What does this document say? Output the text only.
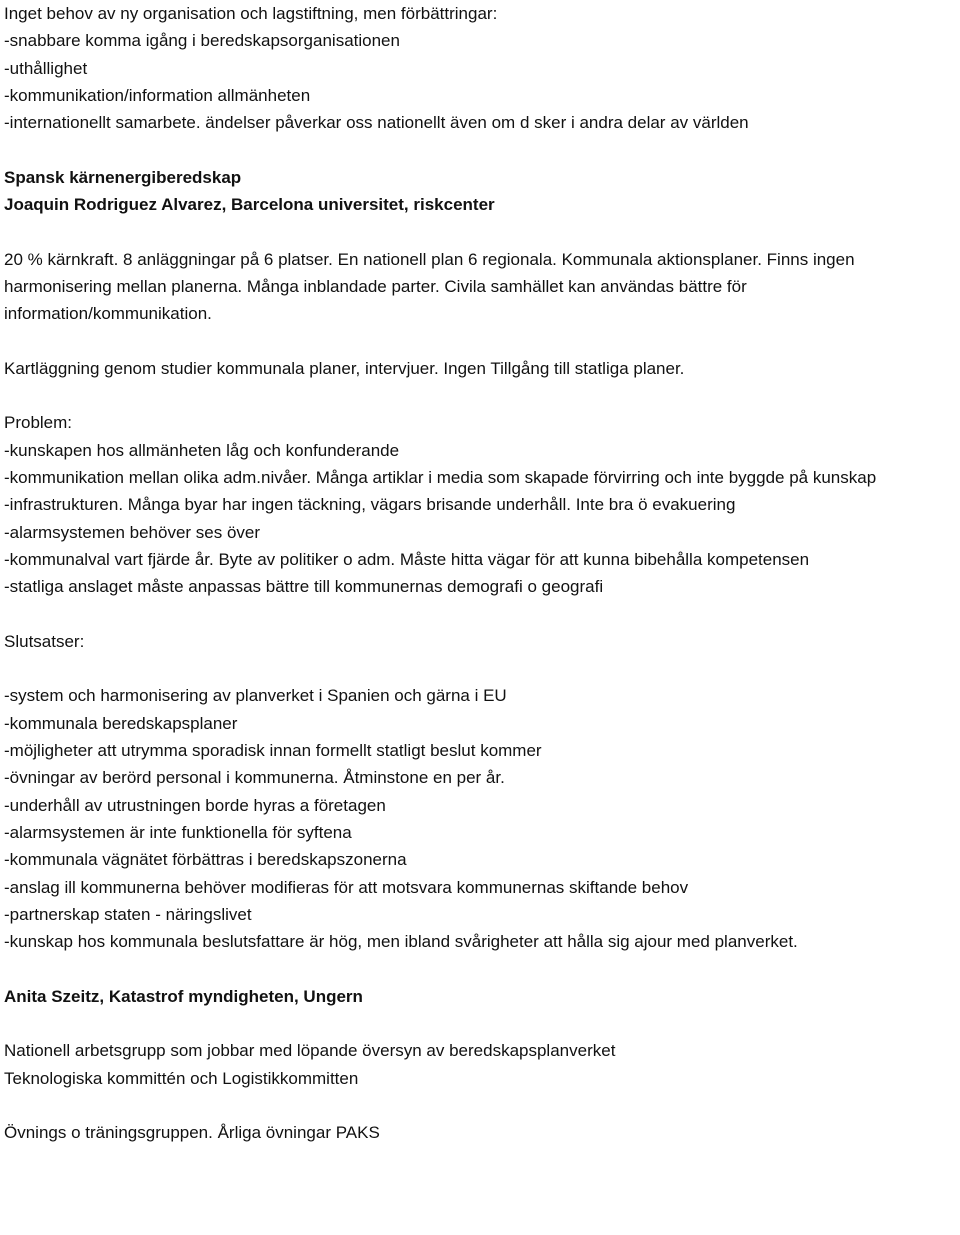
Inget behov av ny organisation och lagstiftning, men förbättringar:
-snabbare komma igång i beredskapsorganisationen
-uthållighet
-kommunikation/information allmänheten
-internationellt samarbete. ändelser påverkar oss nationellt även om d sker i andra delar av världen
Spansk kärnenergiberedskap
Joaquin Rodriguez Alvarez, Barcelona universitet, riskcenter
20 % kärnkraft. 8 anläggningar på 6 platser. En nationell plan 6 regionala. Kommunala aktionsplaner. Finns ingen harmonisering mellan planerna. Många inblandade parter. Civila samhället kan användas bättre för information/kommunikation.
Kartläggning genom studier kommunala planer, intervjuer. Ingen Tillgång till statliga planer.
Problem:
-kunskapen hos allmänheten låg och konfunderande
-kommunikation mellan olika adm.nivåer. Många artiklar i media som skapade förvirring och inte byggde på kunskap
-infrastrukturen. Många byar har ingen täckning, vägars brisande underhåll. Inte bra ö evakuering
-alarmsystemen behöver ses över
-kommunalval vart fjärde år. Byte av politiker o adm. Måste hitta vägar för att kunna bibehålla kompetensen
-statliga anslaget måste anpassas bättre till kommunernas demografi o geografi
Slutsatser:
-system och harmonisering av planverket i Spanien och gärna i EU
-kommunala beredskapsplaner
-möjligheter att utrymma sporadisk innan formellt statligt beslut kommer
-övningar av berörd personal i kommunerna. Åtminstone en per år.
-underhåll av utrustningen borde hyras a företagen
-alarmsystemen är inte funktionella för syftena
-kommunala vägnätet förbättras i beredskapszonerna
-anslag ill kommunerna behöver modifieras för att motsvara kommunernas skiftande behov
-partnerskap staten - näringslivet
-kunskap hos kommunala beslutsfattare är hög, men ibland svårigheter att hålla sig ajour med planverket.
Anita Szeitz, Katastrof myndigheten, Ungern
Nationell arbetsgrupp som jobbar med löpande översyn av beredskapsplanverket
Teknologiska kommittén och Logistikkommitten
Övnings o träningsgruppen. Årliga övningar PAKS
